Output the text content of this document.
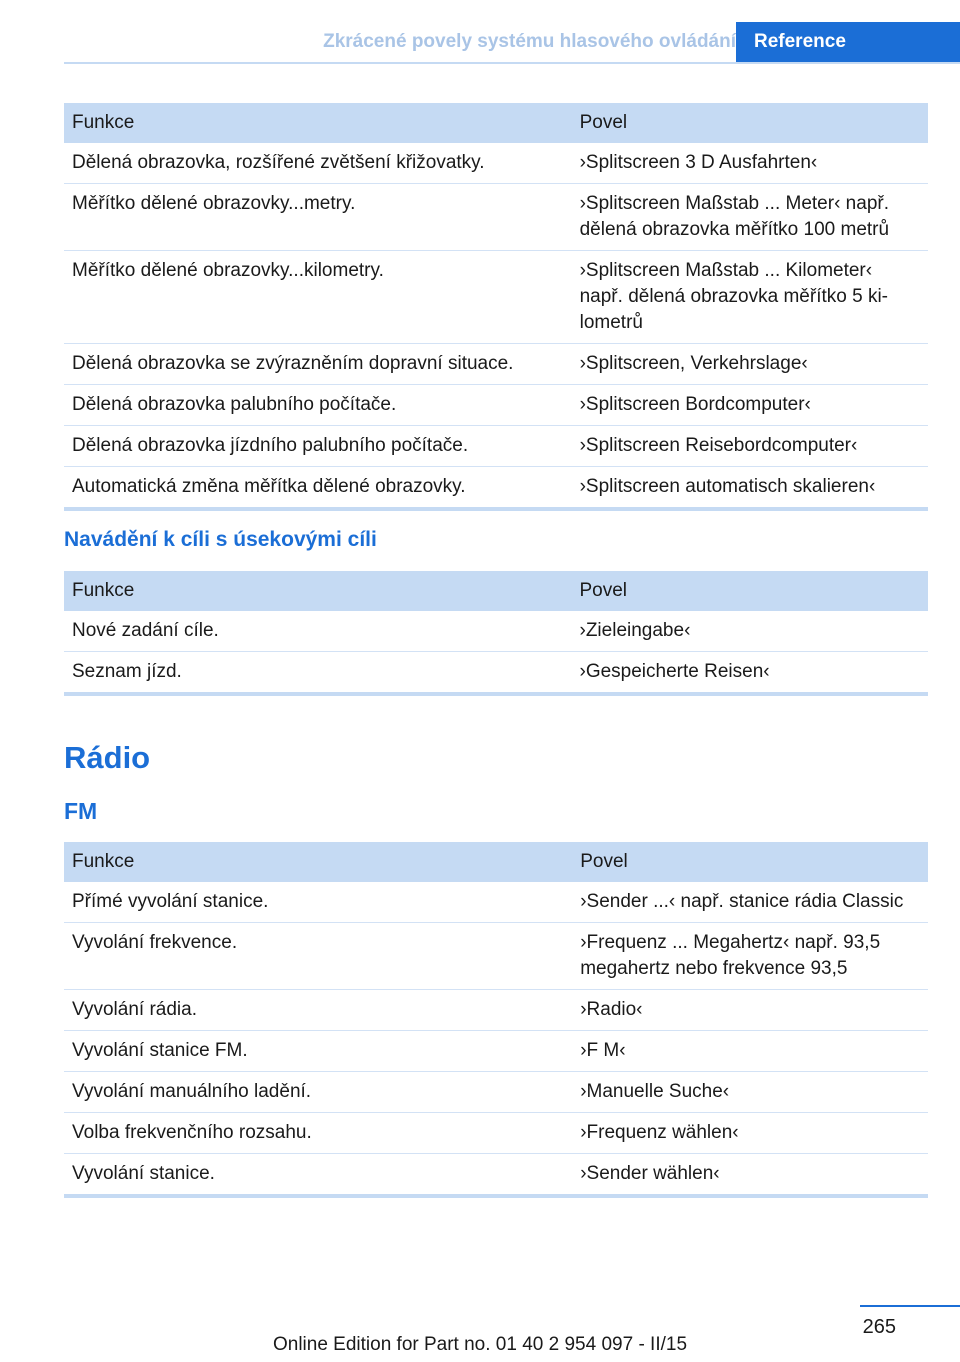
Zkrácené povely systému hlasového ovládání Reference
Funkce	Povel
Dělená obrazovka, rozšířené zvětšení křižovatky.	›Splitscreen 3 D Ausfahrten‹
Měřítko dělené obrazovky...metry.	›Splitscreen Maßstab ... Meter‹ např. dělená obrazovka měřítko 100 metrů
Měřítko dělené obrazovky...kilometry.	›Splitscreen Maßstab ... Kilometer‹ např. dělená obrazovka měřítko 5 ki-lometrů
Dělená obrazovka se zvýrazněním dopravní situace.	›Splitscreen, Verkehrslage‹
Dělená obrazovka palubního počítače.	›Splitscreen Bordcomputer‹
Dělená obrazovka jízdního palubního počítače.	›Splitscreen Reisebordcomputer‹
Automatická změna měřítka dělené obrazovky.	›Splitscreen automatisch skalieren‹
Navádění k cíli s úsekovými cíli
Funkce	Povel
Nové zadání cíle.	›Zieleingabe‹
Seznam jízd.	›Gespeicherte Reisen‹
Rádio
FM
Funkce	Povel
Přímé vyvolání stanice.	›Sender ...‹ např. stanice rádia Classic
Vyvolání frekvence.	›Frequenz ... Megahertz‹ např. 93,5 megahertz nebo frekvence 93,5
Vyvolání rádia.	›Radio‹
Vyvolání stanice FM.	›F M‹
Vyvolání manuálního ladění.	›Manuelle Suche‹
Volba frekvenčního rozsahu.	›Frequenz wählen‹
Vyvolání stanice.	›Sender wählen‹
265
Online Edition for Part no. 01 40 2 954 097 - II/15
